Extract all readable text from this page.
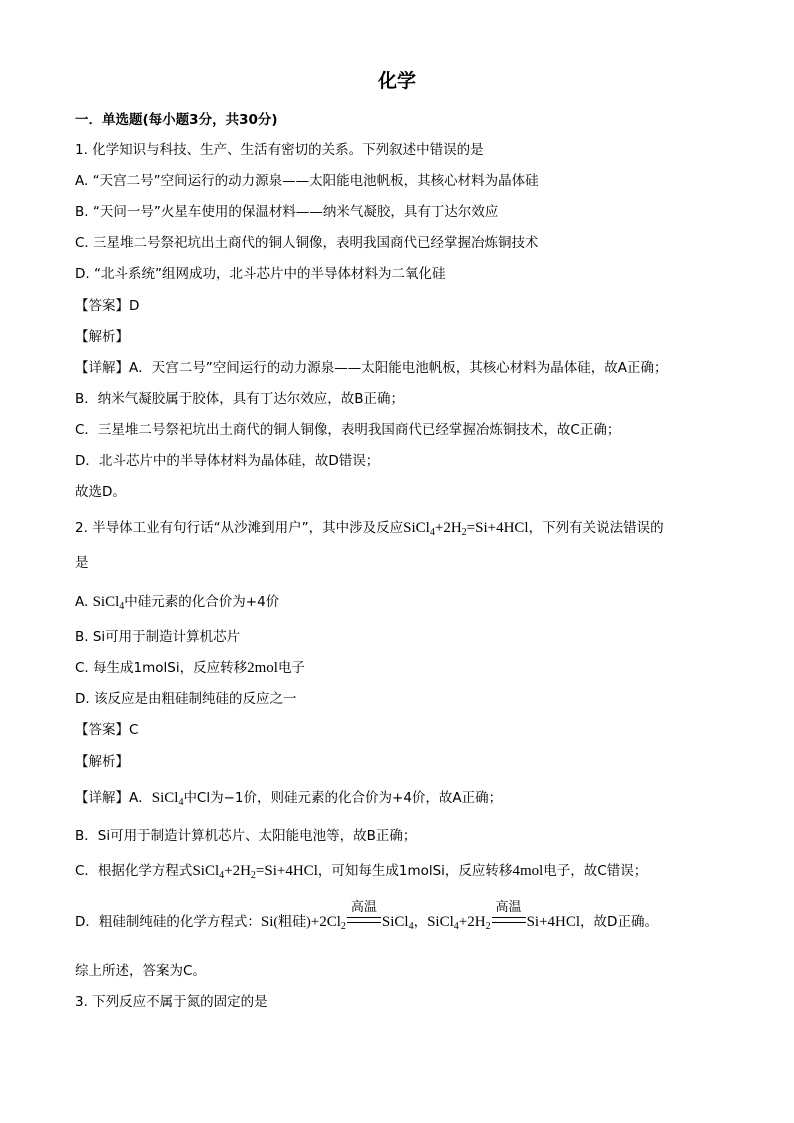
化学
一．单选题(每小题3分，共30分)
1. 化学知识与科技、生产、生活有密切的关系。下列叙述中错误的是
A. “天宫二号”空间运行的动力源泉——太阳能电池帆板，其核心材料为晶体硅
B. “天问一号”火星车使用的保温材料——纳米气凝胶，具有丁达尔效应
C. 三星堆二号祭祀坑出土商代的铜人铜像，表明我国商代已经掌握冶炼铜技术
D. “北斗系统”组网成功，北斗芯片中的半导体材料为二氧化硅
【答案】D
【解析】
【详解】A．天宫二号”空间运行的动力源泉——太阳能电池帆板，其核心材料为晶体硅，故A正确；
B．纳米气凝胶属于胶体，具有丁达尔效应，故B正确；
C．三星堆二号祭祀坑出土商代的铜人铜像，表明我国商代已经掌握冶炼铜技术，故C正确；
D．北斗芯片中的半导体材料为晶体硅，故D错误；
故选D。
2. 半导体工业有句行话“从沙滩到用户”，其中涉及反应$SiCl_4+2H_2=Si+4HCl$，下列有关说法错误的
是
A. SiCl$_4$中硅元素的化合价为+4价
B. Si可用于制造计算机芯片
C. 每生成1molSi，反应转移2mol电子
D. 该反应是由粗硅制纯硅的反应之一
【答案】C
【解析】
【详解】A．SiCl$_4$中Cl为−1价，则硅元素的化合价为+4价，故A正确；
B．Si可用于制造计算机芯片、太阳能电池等，故B正确；
C．根据化学方程式$SiCl_4+2H_2=Si+4HCl$，可知每生成1molSi，反应转移4mol电子，故C错误；
D．粗硅制纯硅的化学方程式：Si(粗硅)$+2Cl_2$
高温
SiCl$_4$，$SiCl_4+2H_2$
高温
Si+4HCl，故D正确。
综上所述，答案为C。
3. 下列反应不属于氮的固定的是
